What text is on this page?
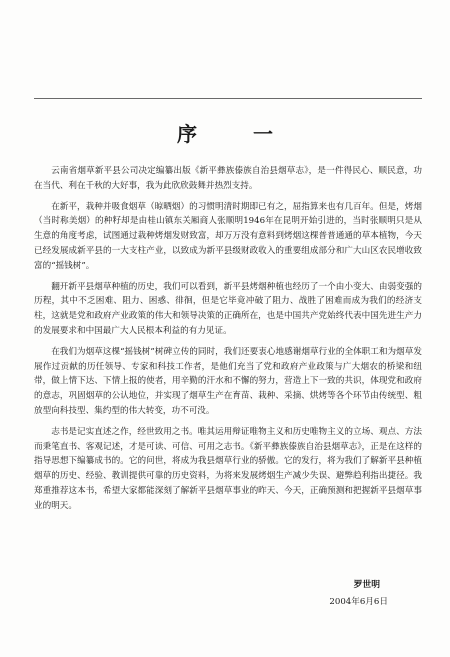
序　一

云南省烟草新平县公司决定编纂出版《新平彝族傣族自治县烟草志》，是一件得民心、顺民意，功在当代、利在千秋的大好事，我为此欣欣鼓舞并热烈支持。

在新平，栽种并吸食烟草（晾晒烟）的习惯明清时期即已有之，屈指算来也有几百年。但是，烤烟（当时称美烟）的种籽却是由桂山镇东关厢商人张顺明1946年在昆明开始引进的，当时张顺明只是从生意的角度考虑，试图通过栽种烤烟发财致富，却万万没有意料到烤烟这棵普普通通的草本植物，今天已经发展成新平县的一大支柱产业，以致成为新平县级财政收入的重要组成部分和广大山区农民增收致富的“摇钱树”。

翻开新平县烟草种植的历史，我们可以看到，新平县烤烟种植也经历了一个由小变大、由弱变强的历程，其中不乏困难、阻力、困惑、徘徊，但是它毕竟冲破了阻力、战胜了困难而成为我们的经济支柱，这就是党和政府产业政策的伟大和领导决策的正确所在，也是中国共产党始终代表中国先进生产力的发展要求和中国最广大人民根本利益的有力见证。

在我们为烟草这棵“摇钱树”树碑立传的同时，我们还要衷心地感谢烟草行业的全体职工和为烟草发展作过贡献的历任领导、专家和科技工作者，是他们充当了党和政府产业政策与广大烟农的桥梁和纽带，做上情下达、下情上报的使者，用辛勤的汗水和不懈的努力，营造上下一致的共识，体现党和政府的意志，巩固烟草的公认地位，并实现了烟草生产在育苗、栽种、采摘、烘烤等各个环节由传统型、粗放型向科技型、集约型的伟大转变，功不可没。

志书是记实直述之作，经世致用之书。唯其运用辩证唯物主义和历史唯物主义的立场、观点、方法而秉笔直书、客观记述，才是可读、可信、可用之志书。《新平彝族傣族自治县烟草志》，正是在这样的指导思想下编纂成书的。它的问世，将成为我县烟草行业的骄傲。它的发行，将为我们了解新平县种植烟草的历史、经验、教训提供可靠的历史资料，为将来发展烤烟生产减少失误、避弊趋利指出捷径。我郑重推荐这本书，希望大家都能深刻了解新平县烟草事业的昨天、今天，正确预测和把握新平县烟草事业的明天。

罗世明
2004年6月6日
